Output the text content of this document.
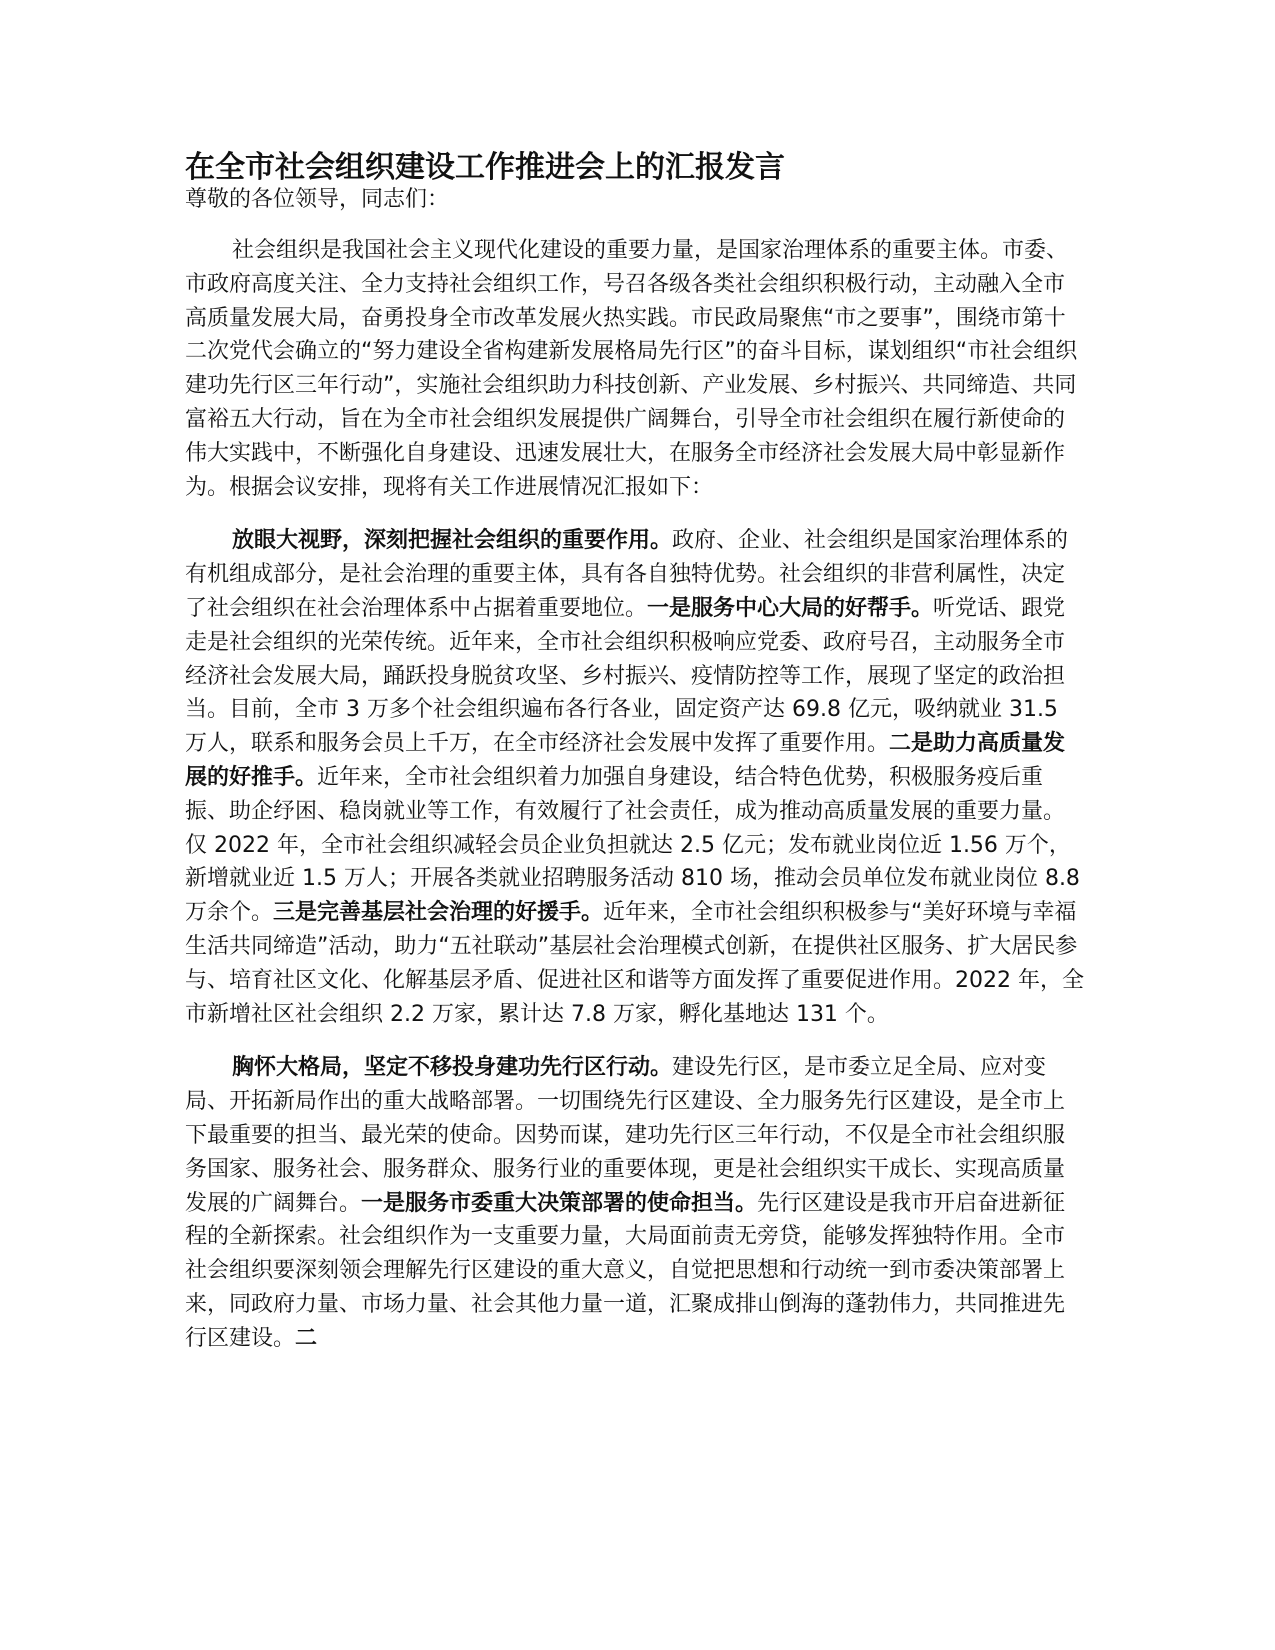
在全市社会组织建设工作推进会上的汇报发言

尊敬的各位领导，同志们：

社会组织是我国社会主义现代化建设的重要力量，是国家治理体系的重要主体。市委、市政府高度关注、全力支持社会组织工作，号召各级各类社会组织积极行动，主动融入全市高质量发展大局，奋勇投身全市改革发展火热实践。市民政局聚焦“市之要事”，围绕市第十二次党代会确立的“努力建设全省构建新发展格局先行区”的奋斗目标，谋划组织“市社会组织建功先行区三年行动”，实施社会组织助力科技创新、产业发展、乡村振兴、共同缔造、共同富裕五大行动，旨在为全市社会组织发展提供广阔舞台，引导全市社会组织在履行新使命的伟大实践中，不断强化自身建设、迅速发展壮大，在服务全市经济社会发展大局中彰显新作为。根据会议安排，现将有关工作进展情况汇报如下：

放眼大视野，深刻把握社会组织的重要作用。政府、企业、社会组织是国家治理体系的有机组成部分，是社会治理的重要主体，具有各自独特优势。社会组织的非营利属性，决定了社会组织在社会治理体系中占据着重要地位。一是服务中心大局的好帮手。听党话、跟党走是社会组织的光荣传统。近年来，全市社会组织积极响应党委、政府号召，主动服务全市经济社会发展大局，踊跃投身脱贫攻坚、乡村振兴、疫情防控等工作，展现了坚定的政治担当。目前，全市 3 万多个社会组织遍布各行各业，固定资产达 69.8 亿元，吸纳就业 31.5 万人，联系和服务会员上千万，在全市经济社会发展中发挥了重要作用。二是助力高质量发展的好推手。近年来，全市社会组织着力加强自身建设，结合特色优势，积极服务疫后重振、助企纾困、稳岗就业等工作，有效履行了社会责任，成为推动高质量发展的重要力量。仅 2022 年，全市社会组织减轻会员企业负担就达 2.5 亿元；发布就业岗位近 1.56 万个，新增就业近 1.5 万人；开展各类就业招聘服务活动 810 场，推动会员单位发布就业岗位 8.8 万余个。三是完善基层社会治理的好援手。近年来，全市社会组织积极参与“美好环境与幸福生活共同缔造”活动，助力“五社联动”基层社会治理模式创新，在提供社区服务、扩大居民参与、培育社区文化、化解基层矛盾、促进社区和谐等方面发挥了重要促进作用。2022 年，全市新增社区社会组织 2.2 万家，累计达 7.8 万家，孵化基地达 131 个。

胸怀大格局，坚定不移投身建功先行区行动。建设先行区，是市委立足全局、应对变局、开拓新局作出的重大战略部署。一切围绕先行区建设、全力服务先行区建设，是全市上下最重要的担当、最光荣的使命。因势而谋，建功先行区三年行动，不仅是全市社会组织服务国家、服务社会、服务群众、服务行业的重要体现，更是社会组织实干成长、实现高质量发展的广阔舞台。一是服务市委重大决策部署的使命担当。先行区建设是我市开启奋进新征程的全新探索。社会组织作为一支重要力量，大局面前责无旁贷，能够发挥独特作用。全市社会组织要深刻领会理解先行区建设的重大意义，自觉把思想和行动统一到市委决策部署上来，同政府力量、市场力量、社会其他力量一道，汇聚成排山倒海的蓬勃伟力，共同推进先行区建设。二
